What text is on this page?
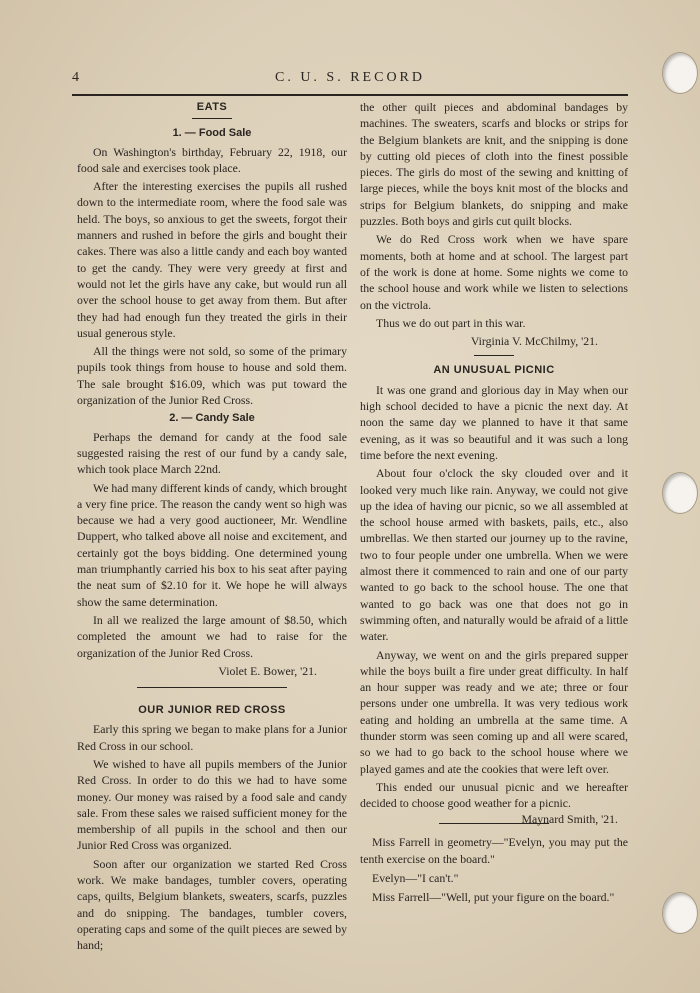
4	C. U. S. RECORD
EATS
1. — Food Sale

On Washington's birthday, February 22, 1918, our food sale and exercises took place.

After the interesting exercises the pupils all rushed down to the intermediate room, where the food sale was held. The boys, so anxious to get the sweets, forgot their manners and rushed in before the girls and bought their cakes. There was also a little candy and each boy wanted to get the candy. They were very greedy at first and would not let the girls have any cake, but would run all over the school house to get away from them. But after they had had enough fun they treated the girls in their usual generous style.

All the things were not sold, so some of the primary pupils took things from house to house and sold them. The sale brought $16.09, which was put toward the organization of the Junior Red Cross.

2. — Candy Sale

Perhaps the demand for candy at the food sale suggested raising the rest of our fund by a candy sale, which took place March 22nd.

We had many different kinds of candy, which brought a very fine price. The reason the candy went so high was because we had a very good auctioneer, Mr. Wendline Duppert, who talked above all noise and excitement, and certainly got the boys bidding. One determined young man triumphantly carried his box to his seat after paying the neat sum of $2.10 for it. We hope he will always show the same determination.

In all we realized the large amount of $8.50, which completed the amount we had to raise for the organization of the Junior Red Cross.

Violet E. Bower, '21.

OUR JUNIOR RED CROSS

Early this spring we began to make plans for a Junior Red Cross in our school.

We wished to have all pupils members of the Junior Red Cross. In order to do this we had to have some money. Our money was raised by a food sale and candy sale. From these sales we raised sufficient money for the membership of all pupils in the school and then our Junior Red Cross was organized.

Soon after our organization we started Red Cross work. We make bandages, tumbler covers, operating caps, quilts, Belgium blankets, sweaters, scarfs, puzzles and do snipping. The bandages, tumbler covers, operating caps and some of the quilt pieces are sewed by hand;

the other quilt pieces and abdominal bandages by machines. The sweaters, scarfs and blocks or strips for the Belgium blankets are knit, and the snipping is done by cutting old pieces of cloth into the finest possible pieces. The girls do most of the sewing and knitting of large pieces, while the boys knit most of the blocks and strips for Belgium blankets, do snipping and make puzzles. Both boys and girls cut quilt blocks.

We do Red Cross work when we have spare moments, both at home and at school. The largest part of the work is done at home. Some nights we come to the school house and work while we listen to selections on the victrola.

Thus we do out part in this war.

Virginia V. McChilmy, '21.

AN UNUSUAL PICNIC

It was one grand and glorious day in May when our high school decided to have a picnic the next day. At noon the same day we planned to have it that same evening, as it was so beautiful and it was such a long time before the next evening.

About four o'clock the sky clouded over and it looked very much like rain. Anyway, we could not give up the idea of having our picnic, so we all assembled at the school house armed with baskets, pails, etc., also umbrellas. We then started our journey up to the ravine, two to four people under one umbrella. When we were almost there it commenced to rain and one of our party wanted to go back to the school house. The one that wanted to go back was one that does not go in swimming often, and naturally would be afraid of a little water.

Anyway, we went on and the girls prepared supper while the boys built a fire under great difficulty. In half an hour supper was ready and we ate; three or four persons under one umbrella. It was very tedious work eating and holding an umbrella at the same time. A thunder storm was seen coming up and all were scared, so we had to go back to the school house where we played games and ate the cookies that were left over.

This ended our unusual picnic and we hereafter decided to choose good weather for a picnic.
Maynard Smith, '21.

Miss Farrell in geometry—"Evelyn, you may put the tenth exercise on the board."

Evelyn—"I can't."

Miss Farrell—"Well, put your figure on the board."
